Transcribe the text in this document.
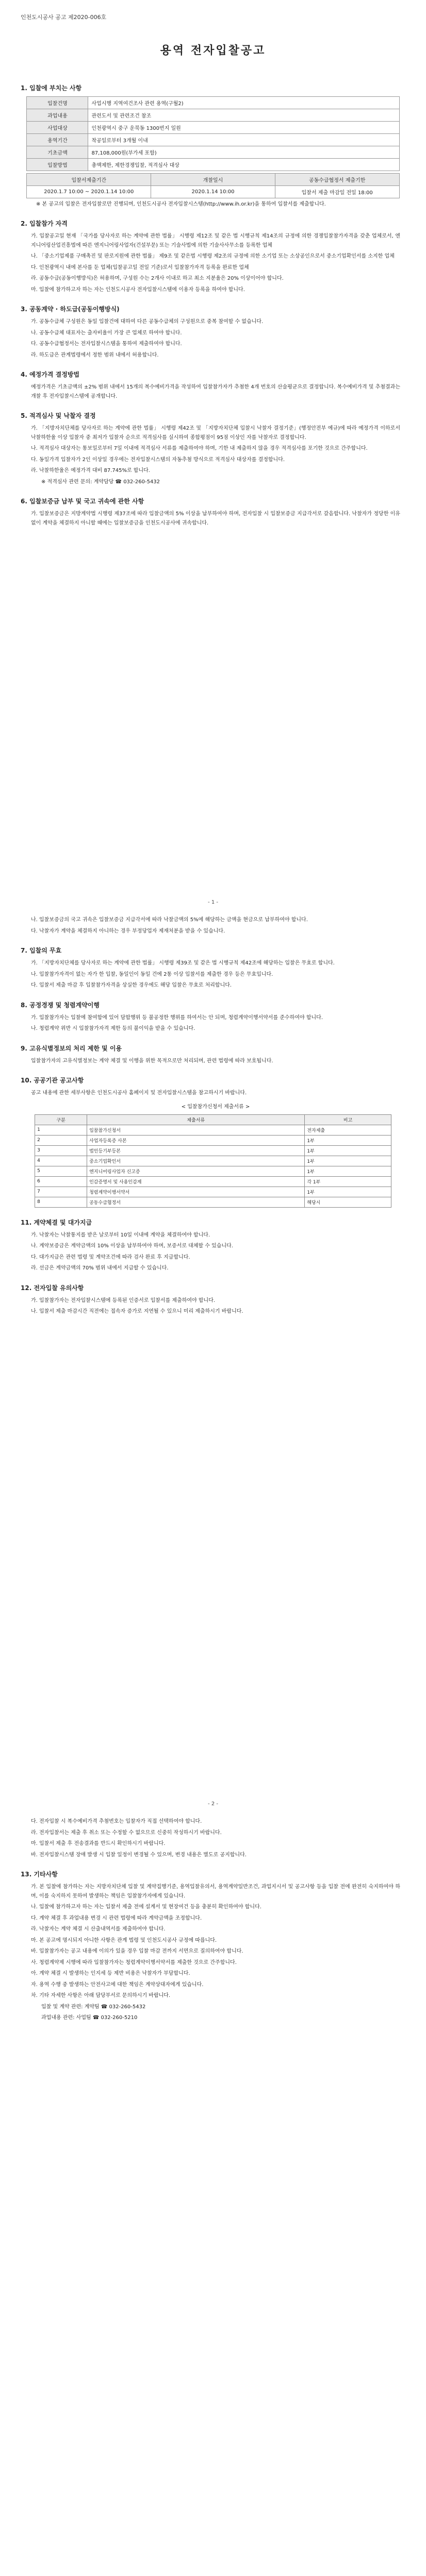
인천도시공사 공고 제2020-006호
용역 전자입찰공고
1. 입찰에 부치는 사항
입찰건명	사업시행 지역여건조사 관련 용역(구월2)
과업내용	관련도서 및 관련조건 참조
사업대상	인천광역시 중구 운북동 1300번지 일원
용역기간	착공일로부터 3개월 이내
기초금액	87,108,000원(부가세 포함)
입찰방법	총액제한, 제한경쟁입찰, 적격심사 대상
입찰서제출기간	개찰일시	공동수급협정서 제출기한
2020.1.7 10:00 ~ 2020.1.14 10:00	2020.1.14 10:00	입찰서 제출 마감일 전일 18:00
※ 본 공고의 입찰은 전자입찰로만 진행되며, 인천도시공사 전자입찰시스템(http://www.ih.or.kr)을 통하여 입찰서를 제출합니다.
2. 입찰참가 자격
가. 입찰공고일 현재 「국가를 당사자로 하는 계약에 관한 법률」 시행령 제12조 및 같은 법 시행규칙 제14조의 규정에 의한 경쟁입찰참가자격을 갖춘 업체로서, 엔지니어링산업진흥법에 따른 엔지니어링사업자(건설부문) 또는 기술사법에 의한 기술사사무소를 등록한 업체
나. 「중소기업제품 구매촉진 및 판로지원에 관한 법률」 제9조 및 같은법 시행령 제2조의 규정에 의한 소기업 또는 소상공인으로서 중소기업확인서를 소지한 업체
다. 인천광역시 내에 본사를 둔 업체(입찰공고일 전일 기준)로서 입찰참가자격 등록을 완료한 업체
라. 공동수급(공동이행방식)은 허용하며, 구성원 수는 2개사 이내로 하고 최소 지분율은 20% 이상이어야 합니다.
마. 입찰에 참가하고자 하는 자는 인천도시공사 전자입찰시스템에 이용자 등록을 하여야 합니다.
3. 공동계약 · 하도급(공동이행방식)
가. 공동수급체 구성원은 동일 입찰건에 대하여 다른 공동수급체의 구성원으로 중복 참여할 수 없습니다.
나. 공동수급체 대표자는 출자비율이 가장 큰 업체로 하여야 합니다.
다. 공동수급협정서는 전자입찰시스템을 통하여 제출하여야 합니다.
라. 하도급은 관계법령에서 정한 범위 내에서 허용합니다.
4. 예정가격 결정방법
예정가격은 기초금액의 ±2% 범위 내에서 15개의 복수예비가격을 작성하여 입찰참가자가 추첨한 4개 번호의 산술평균으로 결정합니다. 복수예비가격 및 추첨결과는 개찰 후 전자입찰시스템에 공개합니다.
5. 적격심사 및 낙찰자 결정
가. 「지방자치단체를 당사자로 하는 계약에 관한 법률」 시행령 제42조 및 「지방자치단체 입찰시 낙찰자 결정기준」(행정안전부 예규)에 따라 예정가격 이하로서 낙찰하한율 이상 입찰자 중 최저가 입찰자 순으로 적격심사를 실시하여 종합평점이 95점 이상인 자를 낙찰자로 결정합니다.
나. 적격심사 대상자는 통보일로부터 7일 이내에 적격심사 서류를 제출하여야 하며, 기한 내 제출하지 않을 경우 적격심사를 포기한 것으로 간주합니다.
다. 동일가격 입찰자가 2인 이상일 경우에는 전자입찰시스템의 자동추첨 방식으로 적격심사 대상자를 결정합니다.
라. 낙찰하한율은 예정가격 대비 87.745%로 합니다.
※ 적격심사 관련 문의: 계약담당 ☎ 032-260-5432
6. 입찰보증금 납부 및 국고 귀속에 관한 사항
가. 입찰보증금은 지방계약법 시행령 제37조에 따라 입찰금액의 5% 이상을 납부하여야 하며, 전자입찰 시 입찰보증금 지급각서로 갈음합니다. 낙찰자가 정당한 이유 없이 계약을 체결하지 아니할 때에는 입찰보증금을 인천도시공사에 귀속합니다.
- 1 -
나. 입찰보증금의 국고 귀속은 입찰보증금 지급각서에 따라 낙찰금액의 5%에 해당하는 금액을 현금으로 납부하여야 합니다.
다. 낙찰자가 계약을 체결하지 아니하는 경우 부정당업자 제재처분을 받을 수 있습니다.
7. 입찰의 무효
가. 「지방자치단체를 당사자로 하는 계약에 관한 법률」 시행령 제39조 및 같은 법 시행규칙 제42조에 해당하는 입찰은 무효로 합니다.
나. 입찰참가자격이 없는 자가 한 입찰, 동일인이 동일 건에 2통 이상 입찰서를 제출한 경우 등은 무효입니다.
다. 입찰서 제출 마감 후 입찰참가자격을 상실한 경우에도 해당 입찰은 무효로 처리합니다.
8. 공정경쟁 및 청렴계약이행
가. 입찰참가자는 입찰에 참여함에 있어 담합행위 등 불공정한 행위를 하여서는 안 되며, 청렴계약이행서약서를 준수하여야 합니다.
나. 청렴계약 위반 시 입찰참가자격 제한 등의 불이익을 받을 수 있습니다.
9. 고유식별정보의 처리 제한 및 이용
입찰참가자의 고유식별정보는 계약 체결 및 이행을 위한 목적으로만 처리되며, 관련 법령에 따라 보호됩니다.
10. 공공기관 공고사항
공고 내용에 관한 세부사항은 인천도시공사 홈페이지 및 전자입찰시스템을 참고하시기 바랍니다.
< 입찰참가신청서 제출서류 >
구분	제출서류	비고
1	입찰참가신청서	전자제출
2	사업자등록증 사본	1부
3	법인등기부등본	1부
4	중소기업확인서	1부
5	엔지니어링사업자 신고증	1부
6	인감증명서 및 사용인감계	각 1부
7	청렴계약이행서약서	1부
8	공동수급협정서	해당시
11. 계약체결 및 대가지급
가. 낙찰자는 낙찰통지를 받은 날로부터 10일 이내에 계약을 체결하여야 합니다.
나. 계약보증금은 계약금액의 10% 이상을 납부하여야 하며, 보증서로 대체할 수 있습니다.
다. 대가지급은 관련 법령 및 계약조건에 따라 검사 완료 후 지급합니다.
라. 선금은 계약금액의 70% 범위 내에서 지급할 수 있습니다.
12. 전자입찰 유의사항
가. 입찰참가자는 전자입찰시스템에 등록된 인증서로 입찰서를 제출하여야 합니다.
나. 입찰서 제출 마감시간 직전에는 접속자 증가로 지연될 수 있으니 미리 제출하시기 바랍니다.
- 2 -
다. 전자입찰 시 복수예비가격 추첨번호는 입찰자가 직접 선택하여야 합니다.
라. 전자입찰서는 제출 후 취소 또는 수정할 수 없으므로 신중히 작성하시기 바랍니다.
마. 입찰서 제출 후 전송결과를 반드시 확인하시기 바랍니다.
바. 전자입찰시스템 장애 발생 시 입찰 일정이 변경될 수 있으며, 변경 내용은 별도로 공지합니다.
13. 기타사항
가. 본 입찰에 참가하는 자는 지방자치단체 입찰 및 계약집행기준, 용역입찰유의서, 용역계약일반조건, 과업지시서 및 공고사항 등을 입찰 전에 완전히 숙지하여야 하며, 이를 숙지하지 못하여 발생하는 책임은 입찰참가자에게 있습니다.
나. 입찰에 참가하고자 하는 자는 입찰서 제출 전에 설계서 및 현장여건 등을 충분히 확인하여야 합니다.
다. 계약 체결 후 과업내용 변경 시 관련 법령에 따라 계약금액을 조정합니다.
라. 낙찰자는 계약 체결 시 산출내역서를 제출하여야 합니다.
마. 본 공고에 명시되지 아니한 사항은 관계 법령 및 인천도시공사 규정에 따릅니다.
바. 입찰참가자는 공고 내용에 이의가 있을 경우 입찰 마감 전까지 서면으로 질의하여야 합니다.
사. 청렴계약제 시행에 따라 입찰참가자는 청렴계약이행서약서를 제출한 것으로 간주합니다.
아. 계약 체결 시 발생하는 인지세 등 제반 비용은 낙찰자가 부담합니다.
자. 용역 수행 중 발생하는 안전사고에 대한 책임은 계약상대자에게 있습니다.
차. 기타 자세한 사항은 아래 담당부서로 문의하시기 바랍니다.
입찰 및 계약 관련: 계약팀 ☎ 032-260-5432
과업내용 관련: 사업팀 ☎ 032-260-5210
